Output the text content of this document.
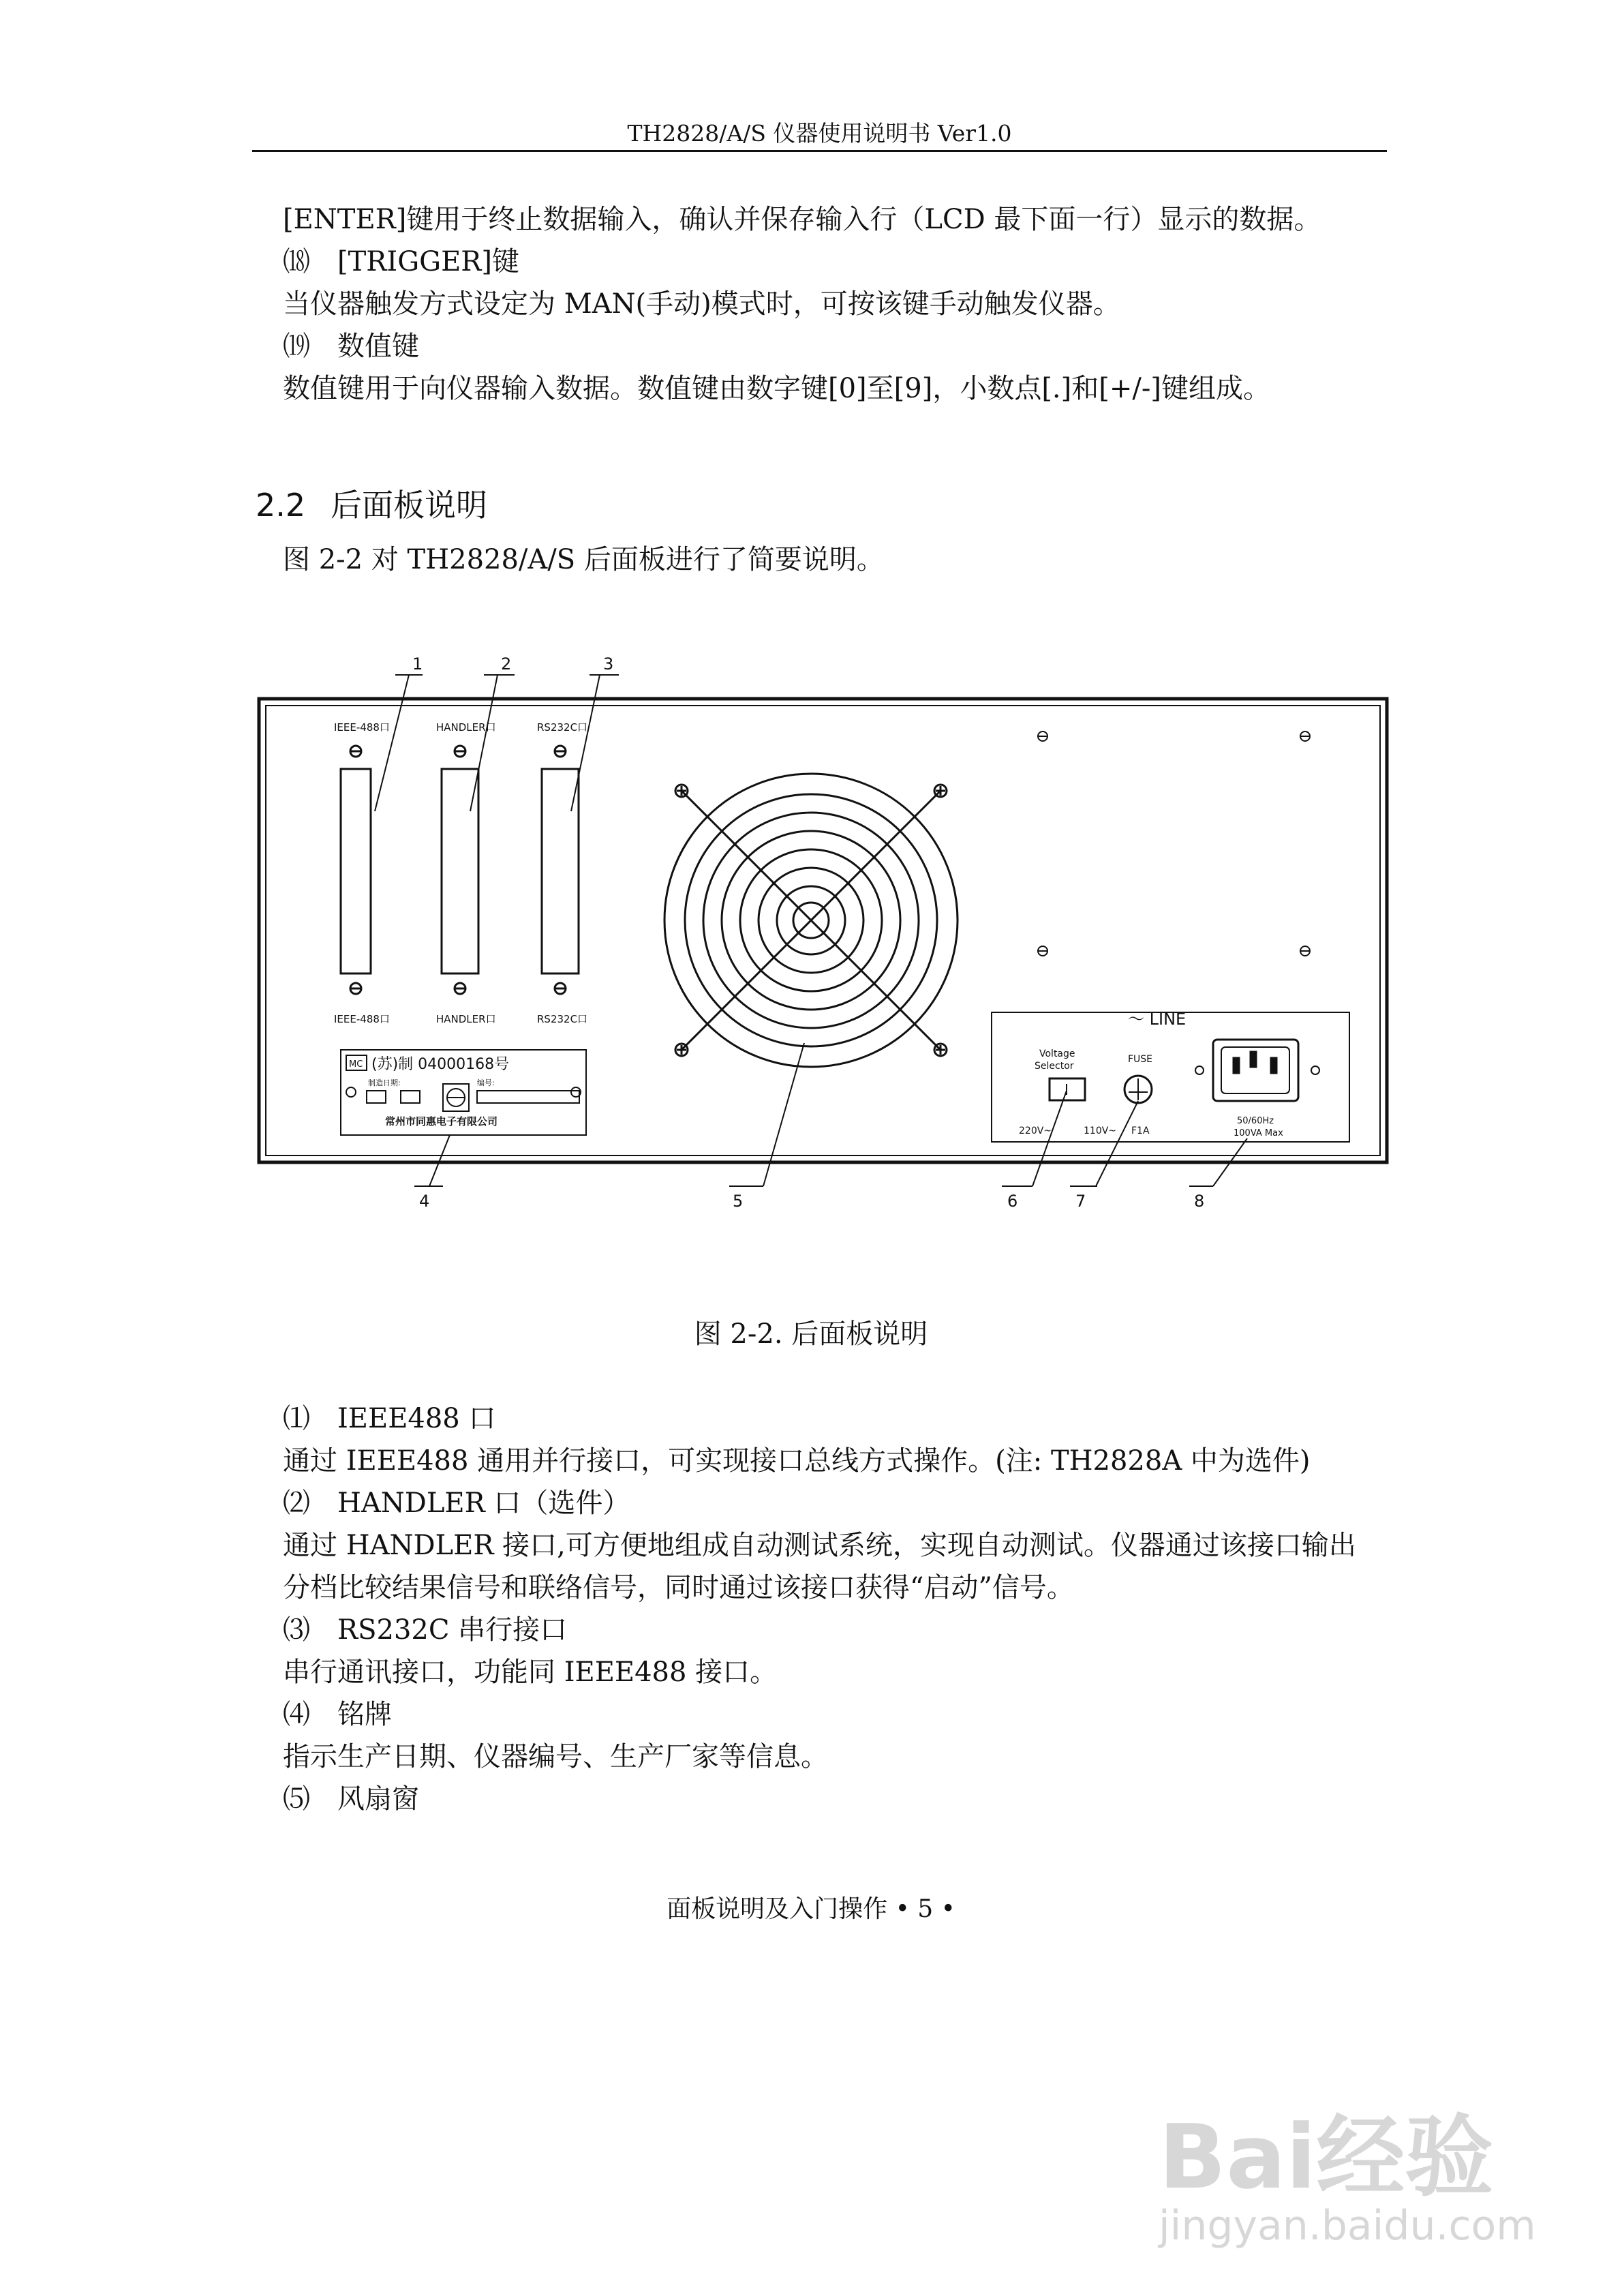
TH2828/A/S 仪器使用说明书 Ver1.0
[ENTER]键用于终止数据输入，确认并保存输入行（LCD 最下面一行）显示的数据。
⒅　[TRIGGER]键
当仪器触发方式设定为 MAN(手动)模式时，可按该键手动触发仪器。
⒆　数值键
数值键用于向仪器输入数据。数值键由数字键[0]至[9]，小数点[.]和[+/-]键组成。
2.2 后面板说明
图 2-2 对 TH2828/A/S 后面板进行了简要说明。
1	2	3
IEEE-488口	HANDLER口	RS232C口
IEEE-488口	HANDLER口	RS232C口
MC (苏)制 04000168号
制造日期:	编号:
常州市同惠电子有限公司
～ LINE
Voltage
Selector
FUSE
220V~	110V~ F1A
50/60Hz
100VA Max
4	5	6	7	8
图 2-2. 后面板说明
⑴　IEEE488 口
通过 IEEE488 通用并行接口，可实现接口总线方式操作。(注: TH2828A 中为选件)
⑵　HANDLER 口（选件）
通过 HANDLER 接口,可方便地组成自动测试系统，实现自动测试。仪器通过该接口输出
分档比较结果信号和联络信号，同时通过该接口获得“启动”信号。
⑶　RS232C 串行接口
串行通讯接口，功能同 IEEE488 接口。
⑷　铭牌
指示生产日期、仪器编号、生产厂家等信息。
⑸　风扇窗
面板说明及入门操作 • 5 •
Bai经验
jingyan.baidu.com
